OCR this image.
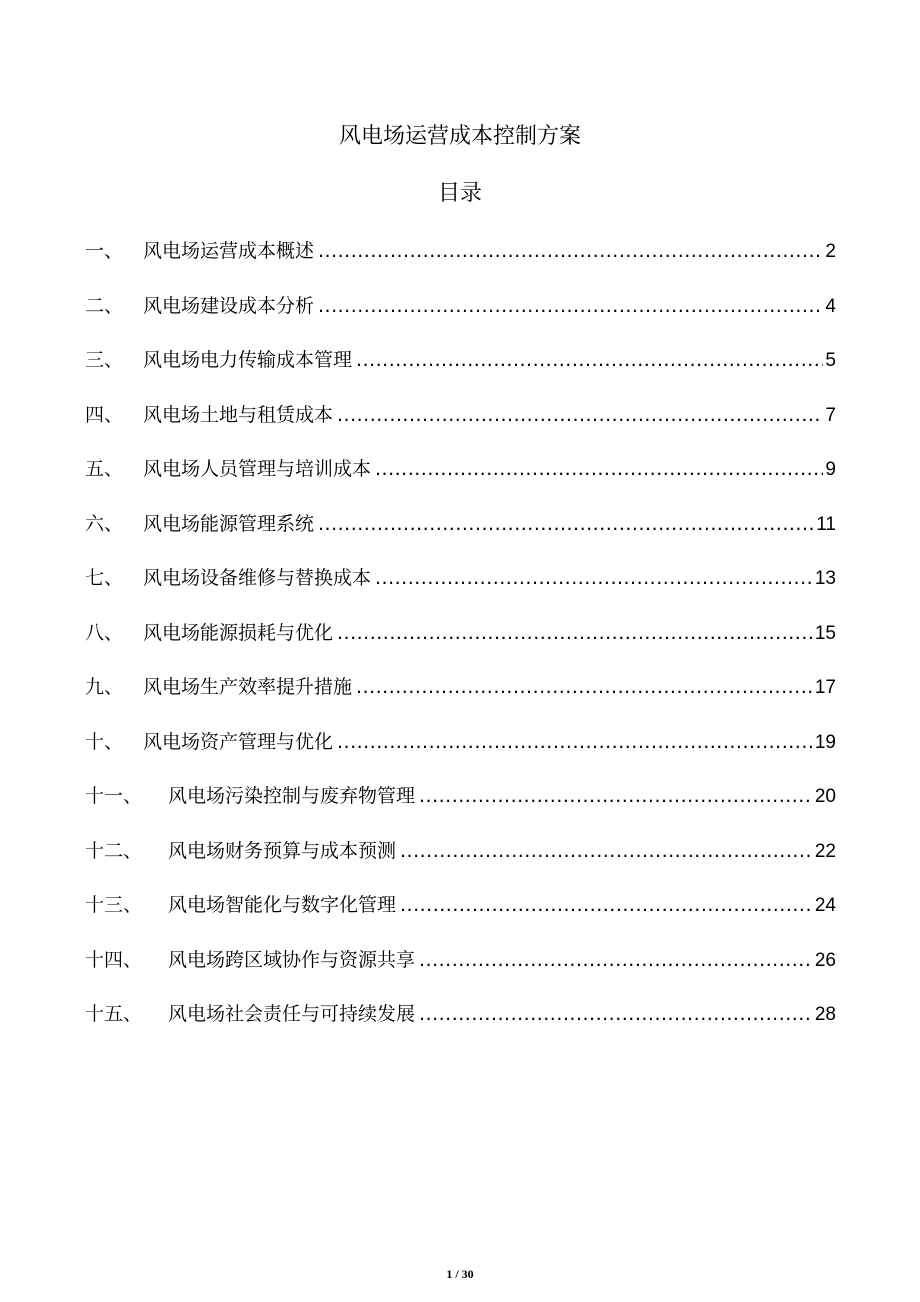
风电场运营成本控制方案
目录
一、	风电场运营成本概述 .....	2
二、	风电场建设成本分析 .....	4
三、	风电场电力传输成本管理 .....	5
四、	风电场土地与租赁成本 .....	7
五、	风电场人员管理与培训成本 .....	9
六、	风电场能源管理系统 .....	11
七、	风电场设备维修与替换成本 .....	13
八、	风电场能源损耗与优化 .....	15
九、	风电场生产效率提升措施 .....	17
十、	风电场资产管理与优化 .....	19
十一、	风电场污染控制与废弃物管理 .....	20
十二、	风电场财务预算与成本预测 .....	22
十三、	风电场智能化与数字化管理 .....	24
十四、	风电场跨区域协作与资源共享 .....	26
十五、	风电场社会责任与可持续发展 .....	28
1 / 30
